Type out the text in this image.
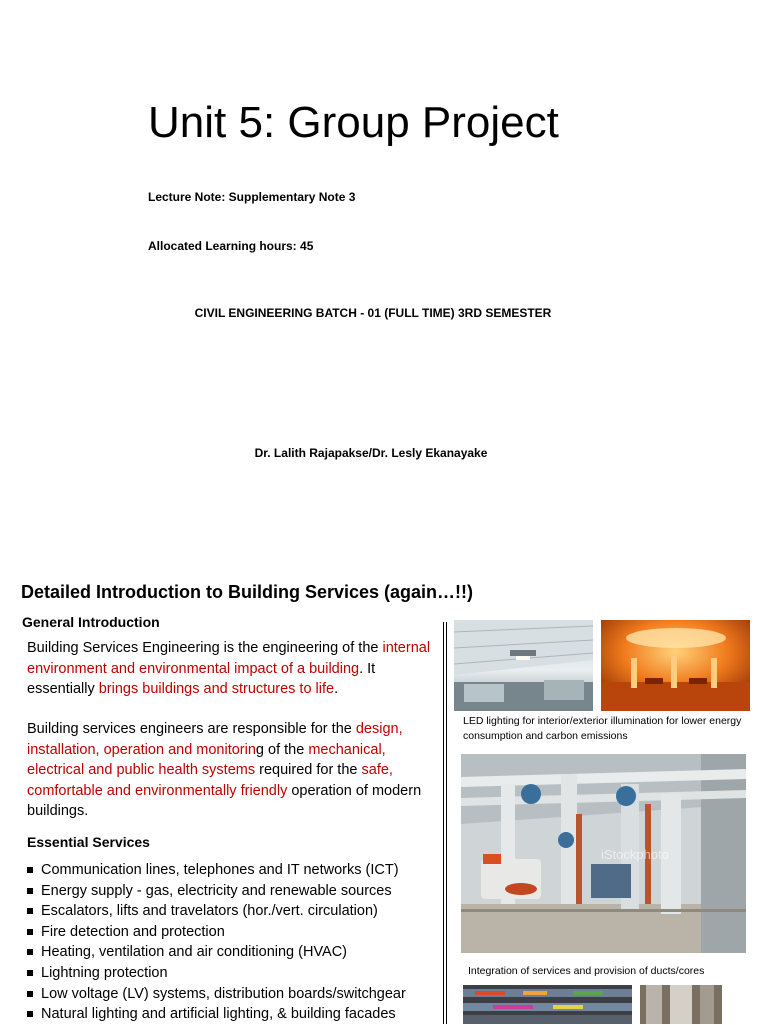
Unit 5: Group Project
Lecture Note: Supplementary Note 3
Allocated Learning hours: 45
CIVIL ENGINEERING BATCH - 01 (FULL TIME) 3RD SEMESTER
Dr. Lalith Rajapakse/Dr. Lesly Ekanayake
Detailed Introduction to Building Services (again…!!)
General Introduction
Building Services Engineering is the engineering of the internal environment and environmental impact of a building. It essentially brings buildings and structures to life.
Building services engineers are responsible for the design, installation, operation and monitoring of the mechanical, electrical and public health systems required for the safe, comfortable and environmentally friendly operation of modern buildings.
Essential Services
Communication lines, telephones and IT networks (ICT)
Energy supply - gas, electricity and renewable sources
Escalators, lifts and travelators (hor./vert. circulation)
Fire detection and protection
Heating, ventilation and air conditioning (HVAC)
Lightning protection
Low voltage (LV) systems, distribution boards/switchgear
Natural lighting and artificial lighting, & building facades
LED lighting for interior/exterior illumination for lower energy consumption and carbon emissions
iStockphoto
Integration of services and provision of ducts/cores
